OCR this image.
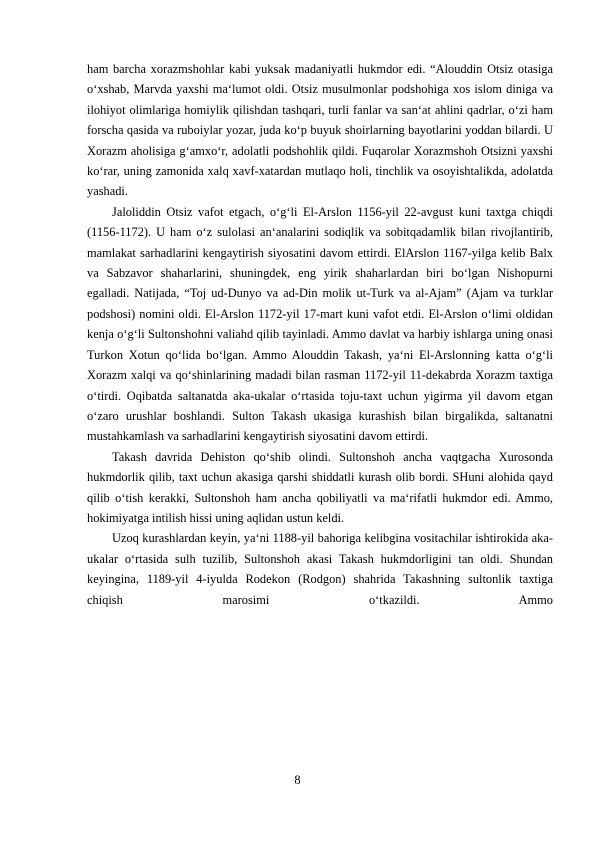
ham barcha xorazmshohlar kabi yuksak madaniyatli hukmdor edi. “Alouddin Otsiz otasiga o‘xshab, Marvda yaxshi ma‘lumot oldi. Otsiz musulmonlar podshohiga xos islom diniga va ilohiyot olimlariga homiylik qilishdan tashqari, turli fanlar va san‘at ahlini qadrlar, o‘zi ham forscha qasida va ruboiylar yozar, juda ko‘p buyuk shoirlarning bayotlarini yoddan bilardi. U Xorazm aholisiga g‘amxo‘r, adolatli podshohlik qildi. Fuqarolar Xorazmshoh Otsizni yaxshi ko‘rar, uning zamonida xalq xavf-xatardan mutlaqo holi, tinchlik va osoyishtalikda, adolatda yashadi.

Jaloliddin Otsiz vafot etgach, o‘g‘li El-Arslon 1156-yil 22-avgust kuni taxtga chiqdi (1156-1172). U ham o‘z sulolasi an‘analarini sodiqlik va sobitqadamlik bilan rivojlantirib, mamlakat sarhadlarini kengaytirish siyosatini davom ettirdi. ElArslon 1167-yilga kelib Balx va Sabzavor shaharlarini, shuningdek, eng yirik shaharlardan biri bo‘lgan Nishopurni egalladi. Natijada, “Toj ud-Dunyo va ad-Din molik ut-Turk va al-Ajam” (Ajam va turklar podshosi) nomini oldi. El-Arslon 1172-yil 17-mart kuni vafot etdi. El-Arslon o‘limi oldidan kenja o‘g‘li Sultonshohni valiahd qilib tayinladi. Ammo davlat va harbiy ishlarga uning onasi Turkon Xotun qo‘lida bo‘lgan. Ammo Alouddin Takash, ya‘ni El-Arslonning katta o‘g‘li Xorazm xalqi va qo‘shinlarining madadi bilan rasman 1172-yil 11-dekabrda Xorazm taxtiga o‘tirdi. Oqibatda saltanatda aka-ukalar o‘rtasida toju-taxt uchun yigirma yil davom etgan o‘zaro urushlar boshlandi. Sulton Takash ukasiga kurashish bilan birgalikda, saltanatni mustahkamlash va sarhadlarini kengaytirish siyosatini davom ettirdi.

Takash davrida Dehiston qo‘shib olindi. Sultonshoh ancha vaqtgacha Xurosonda hukmdorlik qilib, taxt uchun akasiga qarshi shiddatli kurash olib bordi. SHuni alohida qayd qilib o‘tish kerakki, Sultonshoh ham ancha qobiliyatli va ma‘rifatli hukmdor edi. Ammo, hokimiyatga intilish hissi uning aqlidan ustun keldi.

Uzoq kurashlardan keyin, ya‘ni 1188-yil bahoriga kelibgina vositachilar ishtirokida aka-ukalar o‘rtasida sulh tuzilib, Sultonshoh akasi Takash hukmdorligini tan oldi. Shundan keyingina, 1189-yil 4-iyulda Rodekon (Rodgon) shahrida Takashning sultonlik taxtiga chiqish marosimi o‘tkazildi. Ammo

8
